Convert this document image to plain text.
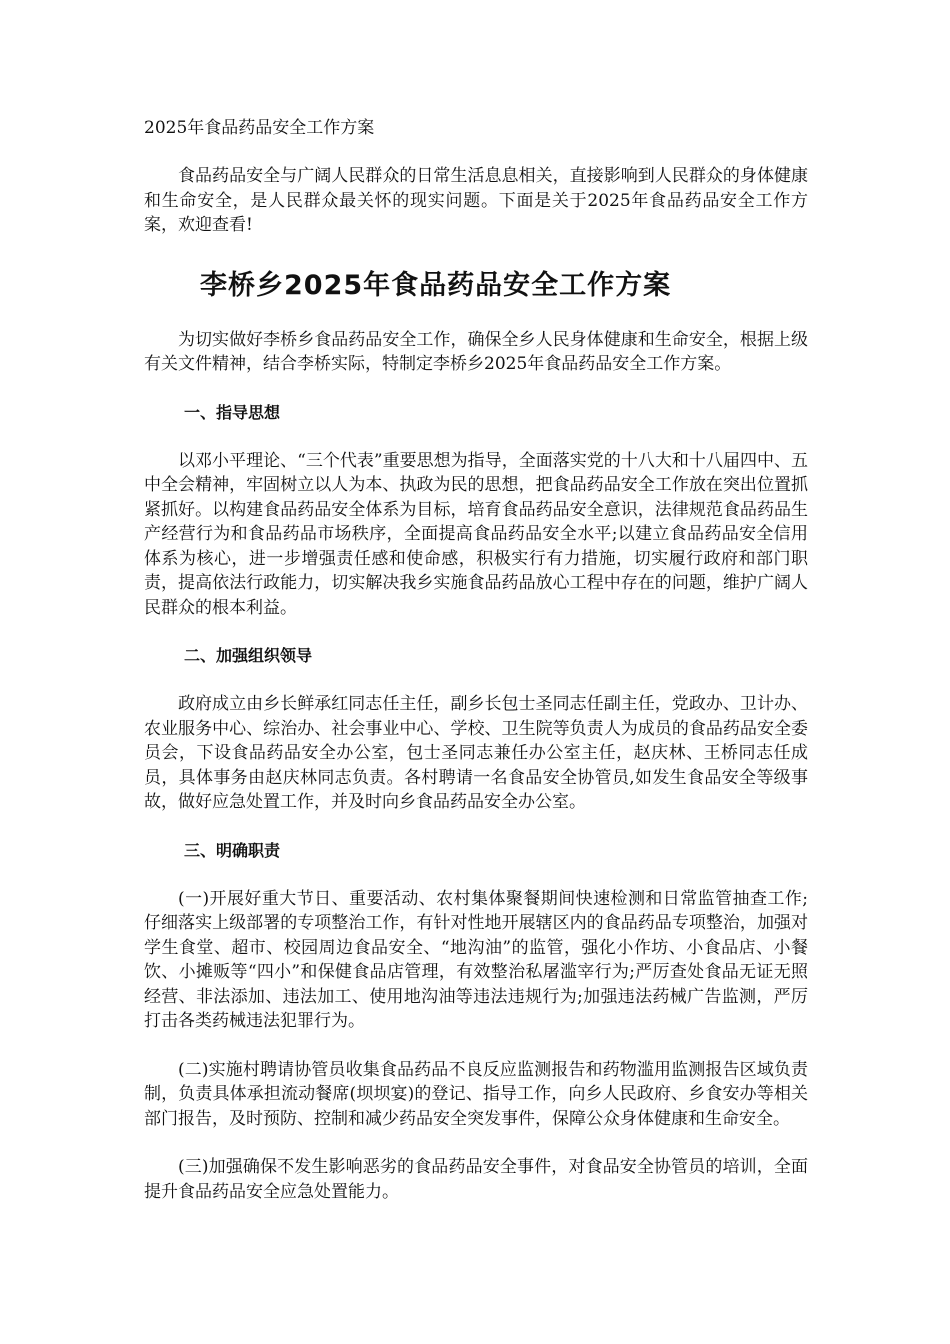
2025年食品药品安全工作方案

食品药品安全与广阔人民群众的日常生活息息相关，直接影响到人民群众的身体健康和生命安全，是人民群众最关怀的现实问题。下面是关于2025年食品药品安全工作方案，欢迎查看!

李桥乡2025年食品药品安全工作方案

为切实做好李桥乡食品药品安全工作，确保全乡人民身体健康和生命安全，根据上级有关文件精神，结合李桥实际，特制定李桥乡2025年食品药品安全工作方案。

一、指导思想

以邓小平理论、“三个代表”重要思想为指导，全面落实党的十八大和十八届四中、五中全会精神，牢固树立以人为本、执政为民的思想，把食品药品安全工作放在突出位置抓紧抓好。以构建食品药品安全体系为目标，培育食品药品安全意识，法律规范食品药品生产经营行为和食品药品市场秩序，全面提高食品药品安全水平;以建立食品药品安全信用体系为核心，进一步增强责任感和使命感，积极实行有力措施，切实履行政府和部门职责，提高依法行政能力，切实解决我乡实施食品药品放心工程中存在的问题，维护广阔人民群众的根本利益。

二、加强组织领导

政府成立由乡长鲜承红同志任主任，副乡长包士圣同志任副主任，党政办、卫计办、农业服务中心、综治办、社会事业中心、学校、卫生院等负责人为成员的食品药品安全委员会，下设食品药品安全办公室，包士圣同志兼任办公室主任，赵庆林、王桥同志任成员，具体事务由赵庆林同志负责。各村聘请一名食品安全协管员,如发生食品安全等级事故，做好应急处置工作，并及时向乡食品药品安全办公室。

三、明确职责

(一)开展好重大节日、重要活动、农村集体聚餐期间快速检测和日常监管抽查工作;仔细落实上级部署的专项整治工作，有针对性地开展辖区内的食品药品专项整治，加强对学生食堂、超市、校园周边食品安全、“地沟油”的监管，强化小作坊、小食品店、小餐饮、小摊贩等“四小”和保健食品店管理，有效整治私屠滥宰行为;严厉查处食品无证无照经营、非法添加、违法加工、使用地沟油等违法违规行为;加强违法药械广告监测，严厉打击各类药械违法犯罪行为。

(二)实施村聘请协管员收集食品药品不良反应监测报告和药物滥用监测报告区域负责制，负责具体承担流动餐席(坝坝宴)的登记、指导工作，向乡人民政府、乡食安办等相关部门报告，及时预防、控制和减少药品安全突发事件，保障公众身体健康和生命安全。

(三)加强确保不发生影响恶劣的食品药品安全事件，对食品安全协管员的培训，全面提升食品药品安全应急处置能力。
